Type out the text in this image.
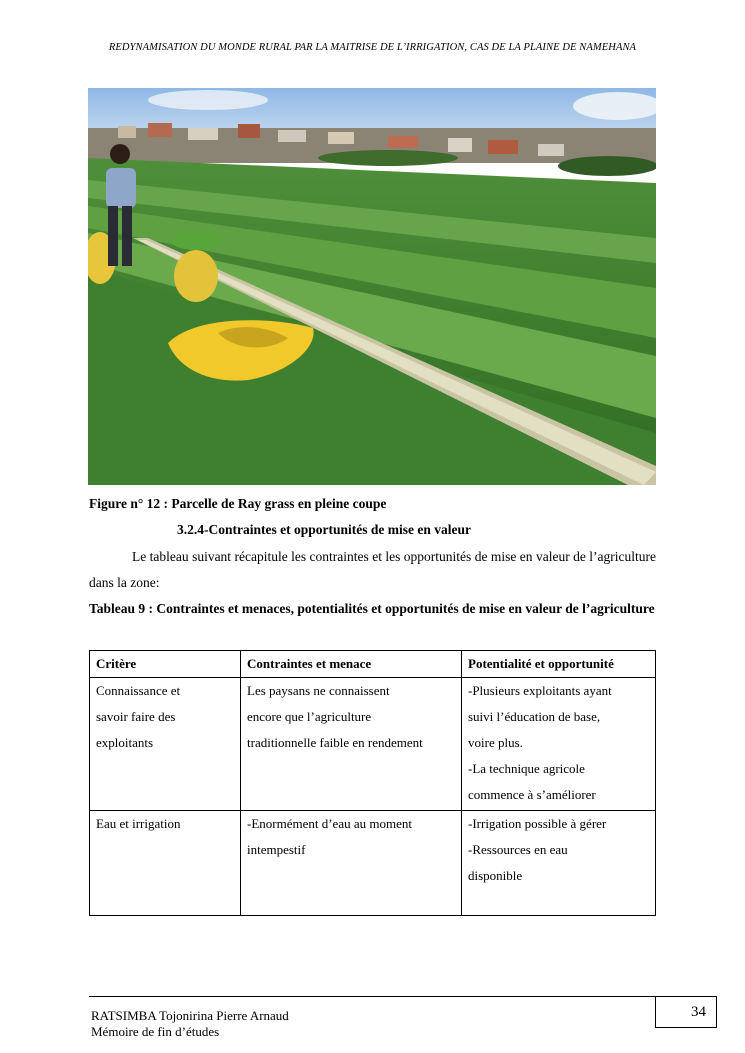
REDYNAMISATION DU MONDE RURAL PAR LA MAITRISE DE L’IRRIGATION, CAS DE LA PLAINE DE NAMEHANA
Figure n° 12 : Parcelle de Ray grass en pleine coupe
3.2.4-Contraintes et opportunités de mise en valeur

Le tableau suivant récapitule les contraintes et les opportunités de mise en valeur de l’agriculture dans la zone:

Tableau 9 : Contraintes et menaces, potentialités et opportunités de mise en valeur de l’agriculture

Critère	Contraintes et menace	Potentialité et opportunité

Connaissance et
savoir faire des
exploitants	Les paysans ne connaissent
encore que l’agriculture
traditionnelle faible en rendement	-Plusieurs exploitants ayant
suivi l’éducation de base,
voire plus.
-La technique agricole
commence à s’améliorer

Eau et irrigation	-Enormément d’eau au moment
intempestif	-Irrigation possible à gérer
-Ressources en eau
disponible
RATSIMBA Tojonirina Pierre Arnaud
Mémoire de fin d’études
34
